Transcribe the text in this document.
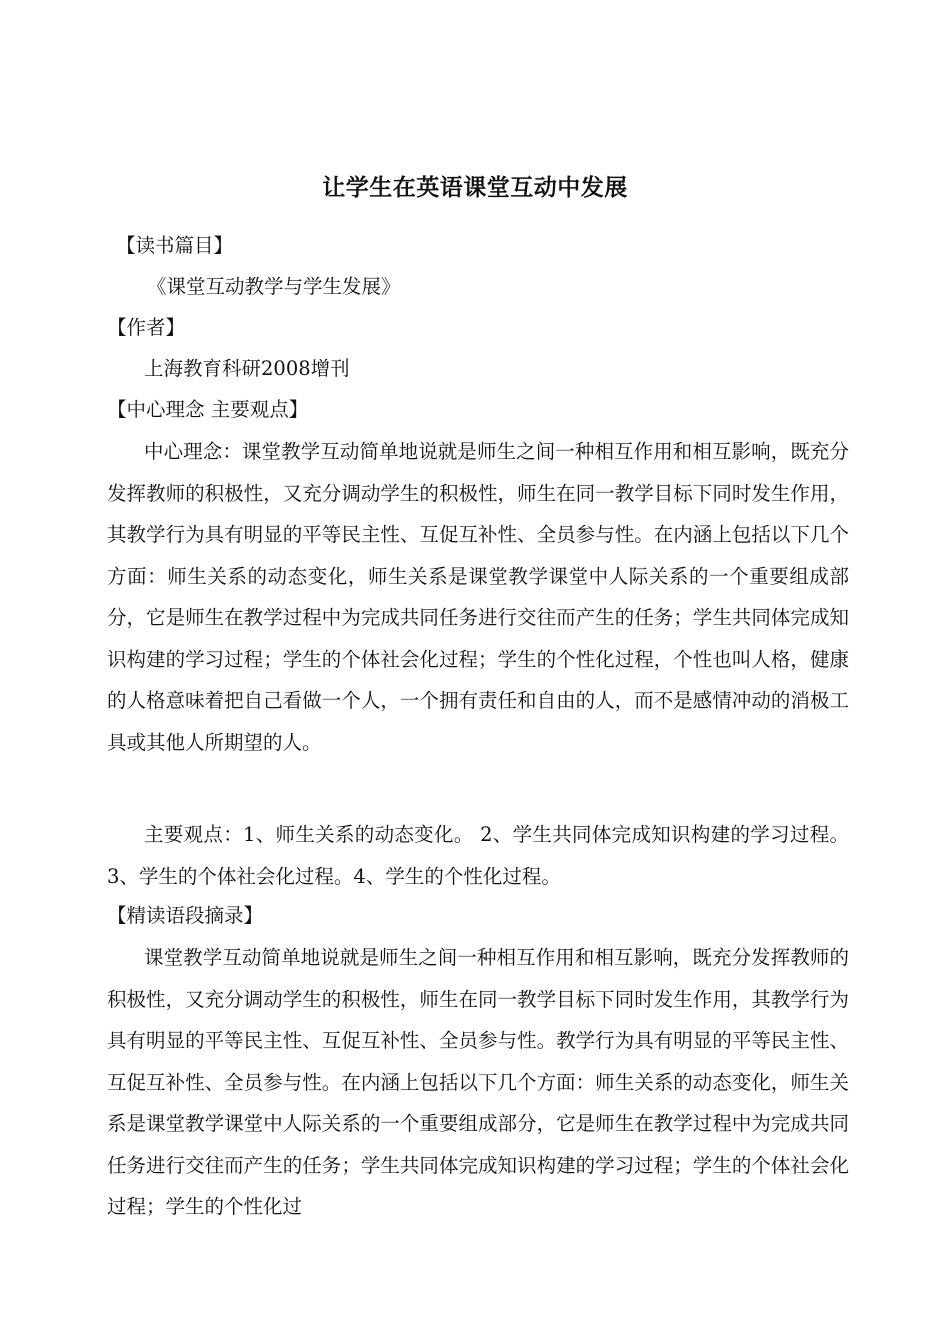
让学生在英语课堂互动中发展
【读书篇目】
《课堂互动教学与学生发展》
【作者】
上海教育科研2008增刊
【中心理念 主要观点】

中心理念：课堂教学互动简单地说就是师生之间一种相互作用和相互影响，既充分发挥教师的积极性，又充分调动学生的积极性，师生在同一教学目标下同时发生作用，其教学行为具有明显的平等民主性、互促互补性、全员参与性。在内涵上包括以下几个方面：师生关系的动态变化，师生关系是课堂教学课堂中人际关系的一个重要组成部分，它是师生在教学过程中为完成共同任务进行交往而产生的任务；学生共同体完成知识构建的学习过程；学生的个体社会化过程；学生的个性化过程，个性也叫人格，健康的人格意味着把自己看做一个人，一个拥有责任和自由的人，而不是感情冲动的消极工具或其他人所期望的人。

主要观点：1、师生关系的动态变化。 2、学生共同体完成知识构建的学习过程。 3、学生的个体社会化过程。4、学生的个性化过程。

【精读语段摘录】

课堂教学互动简单地说就是师生之间一种相互作用和相互影响，既充分发挥教师的积极性，又充分调动学生的积极性，师生在同一教学目标下同时发生作用，其教学行为具有明显的平等民主性、互促互补性、全员参与性。教学行为具有明显的平等民主性、互促互补性、全员参与性。在内涵上包括以下几个方面：师生关系的动态变化，师生关系是课堂教学课堂中人际关系的一个重要组成部分，它是师生在教学过程中为完成共同任务进行交往而产生的任务；学生共同体完成知识构建的学习过程；学生的个体社会化过程；学生的个性化过
